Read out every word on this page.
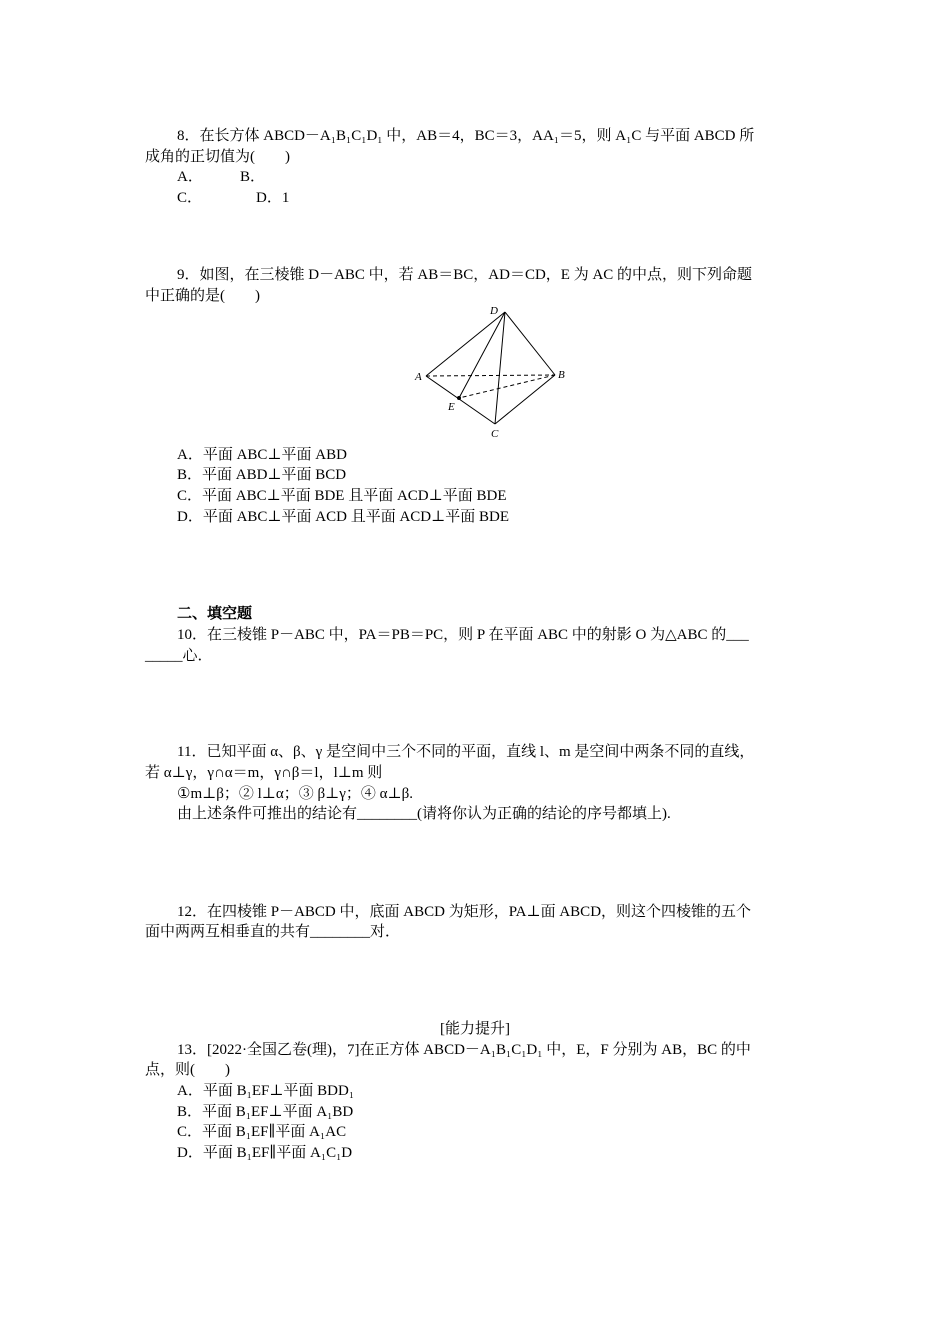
8．在长方体 ABCD－A₁B₁C₁D₁ 中，AB＝4，BC＝3，AA₁＝5，则 A₁C 与平面 ABCD 所
成角的正切值为(　　)
A． B．
C．	D．1
9．如图，在三棱锥 D－ABC 中，若 AB＝BC，AD＝CD，E 为 AC 的中点，则下列命题
中正确的是(　　)
D
A	B
E
C
A．平面 ABC⊥平面 ABD
B．平面 ABD⊥平面 BCD
C．平面 ABC⊥平面 BDE 且平面 ACD⊥平面 BDE
D．平面 ABC⊥平面 ACD 且平面 ACD⊥平面 BDE
二、填空题
10．在三棱锥 P－ABC 中，PA＝PB＝PC，则 P 在平面 ABC 中的射影 O 为△ABC 的___
_____心．
11．已知平面 α、β、γ 是空间中三个不同的平面，直线 l、m 是空间中两条不同的直线，
若 α⊥γ，γ∩α＝m，γ∩β＝l，l⊥m 则
①m⊥β；② l⊥α；③ β⊥γ；④ α⊥β.
由上述条件可推出的结论有________(请将你认为正确的结论的序号都填上).
12．在四棱锥 P－ABCD 中，底面 ABCD 为矩形，PA⊥面 ABCD，则这个四棱锥的五个
面中两两互相垂直的共有________对．
[能力提升]
13．[2022·全国乙卷(理)，7]在正方体 ABCD－A₁B₁C₁D₁ 中，E，F 分别为 AB，BC 的中
点，则(　　)
A．平面 B₁EF⊥平面 BDD₁
B．平面 B₁EF⊥平面 A₁BD
C．平面 B₁EF∥平面 A₁AC
D．平面 B₁EF∥平面 A₁C₁D
